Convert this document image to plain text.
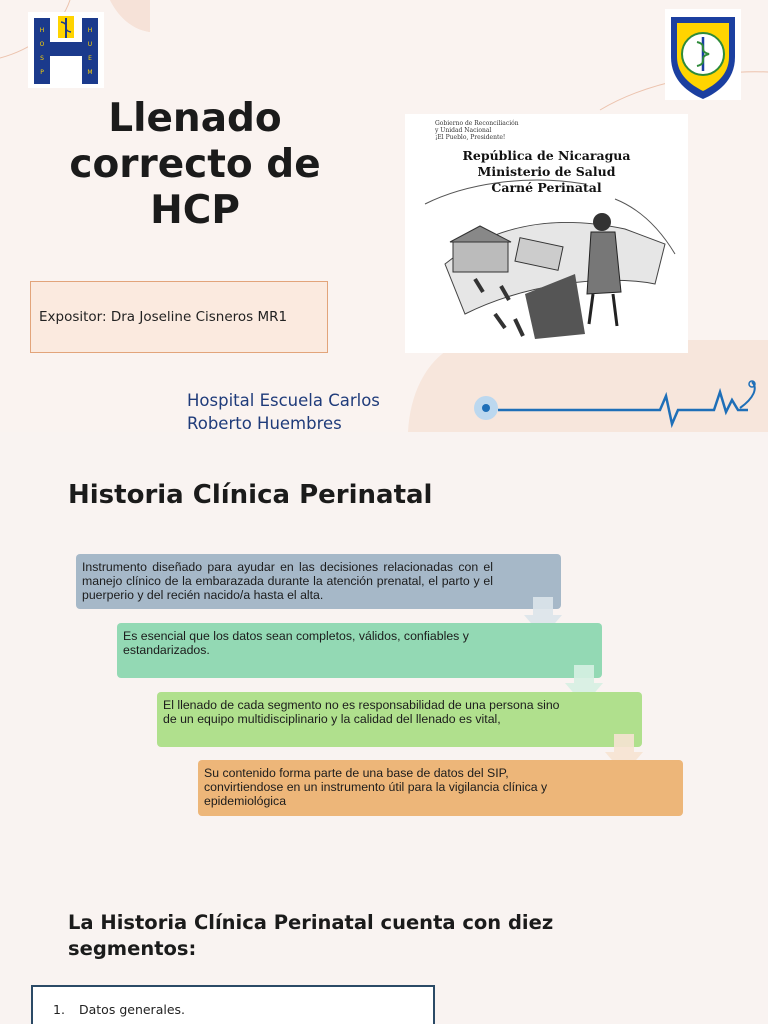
H
O
S
P
H
U
E
M
Llenado
correcto de
HCP
Expositor: Dra Joseline Cisneros MR1
Gobierno de Reconciliación
y Unidad Nacional
¡El Pueblo, Presidente!
República de Nicaragua
Ministerio de Salud
Carné Perinatal
Hospital Escuela Carlos
Roberto Huembres
Historia Clínica Perinatal
Instrumento diseñado para ayudar en las decisiones relacionadas con el manejo clínico de la embarazada durante la atención prenatal, el parto y el puerperio y del recién nacido/a hasta el alta.
Es esencial que los datos sean completos, válidos, confiables y estandarizados.
El llenado de cada segmento no es responsabilidad de una persona sino de un equipo multidisciplinario y la calidad del llenado es vital,
Su contenido forma parte de una base de datos del SIP, convirtiendose en un instrumento útil para la vigilancia clínica y epidemiológica
La Historia Clínica Perinatal cuenta con diez segmentos:
1. Datos generales.
